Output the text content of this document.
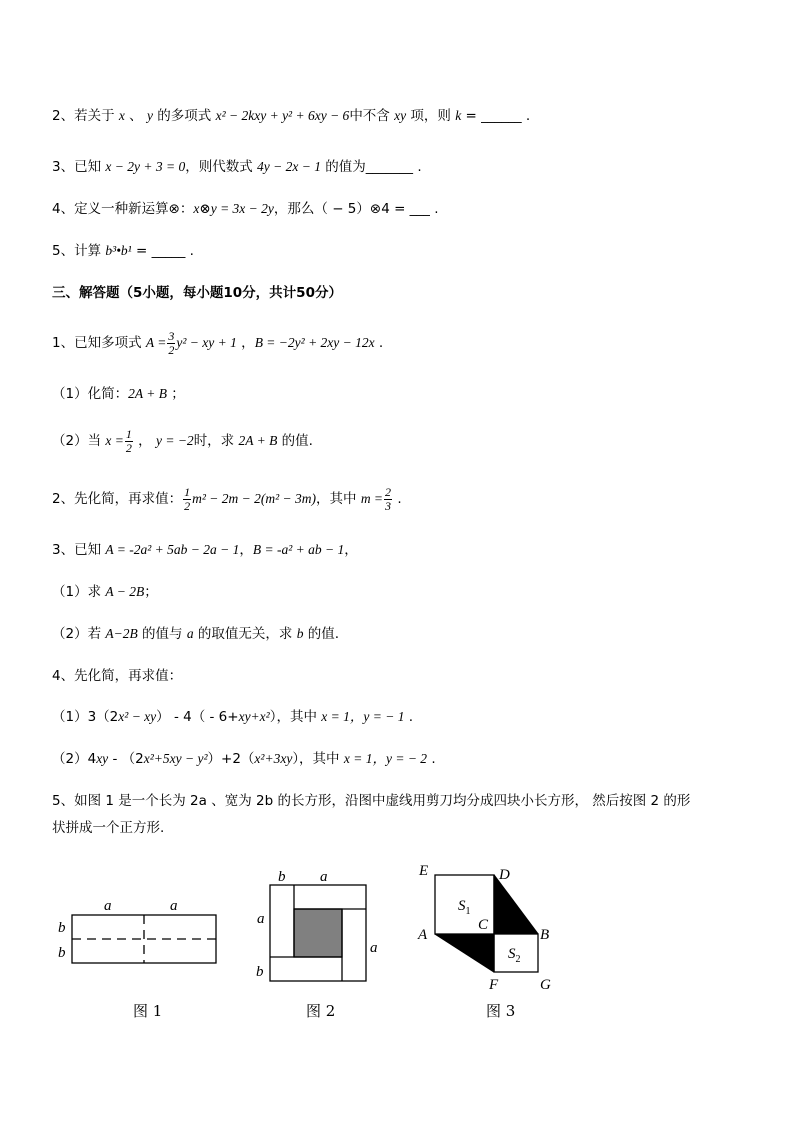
2、若关于 x 、 y 的多项式 x² − 2kxy + y² + 6xy − 6中不含 xy 项，则 k = ______ .
3、已知 x − 2y + 3 = 0，则代数式 4y − 2x − 1 的值为_______ .
4、定义一种新运算⊗：x⊗y = 3x − 2y，那么（ − 5）⊗4 = ___ .
5、计算 b³•b¹ = _____ .
三、解答题（5小题，每小题10分，共计50分）
1、已知多项式 $A = \frac{3}{2} y^2$ − xy + 1 ，B = −2y² + 2xy − 12x .
（1）化简：2A + B ；
（2）当 $x = \frac{1}{2}$ ， y = −2时，求 2A + B 的值.
2、先化简，再求值： $\frac{1}{2} m^2 - 2m - 2(m^2 - 3m)$，其中 $m = \frac{2}{3}$ .
3、已知 A = -2a² + 5ab − 2a − 1，B = -a² + ab − 1，
（1）求 A − 2B；
（2）若 A−2B 的值与 a 的取值无关，求 b 的值.
4、先化简，再求值：
（1）3（2x² − xy） - 4（ - 6+xy+x²），其中 x = 1，y = − 1 .
（2）4xy - （2x²+5xy − y²）+2（x²+3xy），其中 x = 1，y = − 2 .
5、如图 1 是一个长为 2a 、宽为 2b 的长方形，沿图中虚线用剪刀均分成四块小长方形， 然后按图 2 的形
状拼成一个正方形.
a	a
b
b
b a
a
a
b
E	D
A
C
B
F	G
$S_1$
$S_2$
图 1	图 2	图 3
